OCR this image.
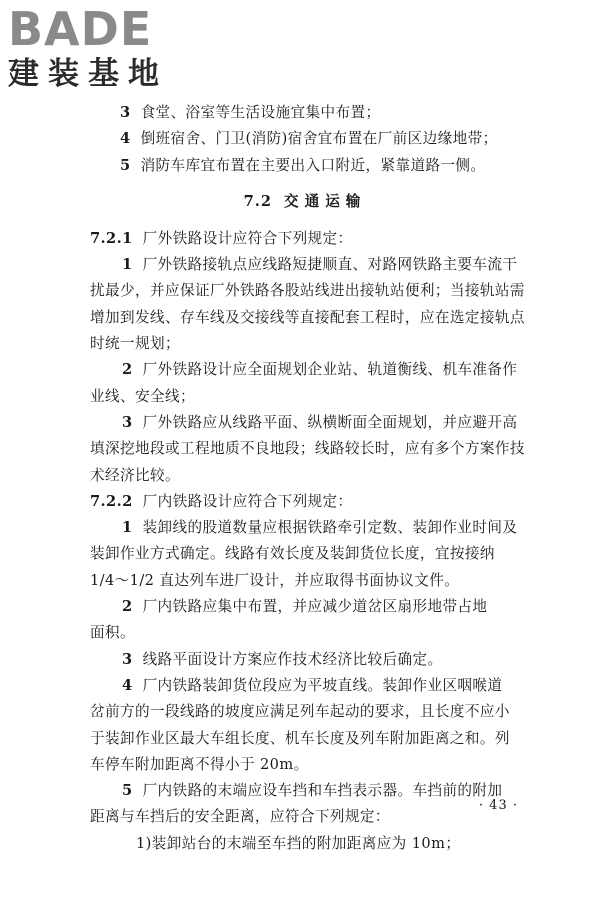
BADE
建装基地
3 食堂、浴室等生活设施宜集中布置；
4 倒班宿舍、门卫(消防)宿舍宜布置在厂前区边缘地带；
5 消防车库宜布置在主要出入口附近，紧靠道路一侧。
7.2 交通运输
7.2.1 厂外铁路设计应符合下列规定：
1 厂外铁路接轨点应线路短捷顺直、对路网铁路主要车流干
扰最少，并应保证厂外铁路各股站线进出接轨站便利；当接轨站需
增加到发线、存车线及交接线等直接配套工程时，应在选定接轨点
时统一规划；
2 厂外铁路设计应全面规划企业站、轨道衡线、机车准备作
业线、安全线；
3 厂外铁路应从线路平面、纵横断面全面规划，并应避开高
填深挖地段或工程地质不良地段；线路较长时，应有多个方案作技
术经济比较。
7.2.2 厂内铁路设计应符合下列规定：
1 装卸线的股道数量应根据铁路牵引定数、装卸作业时间及
装卸作业方式确定。线路有效长度及装卸货位长度，宜按接纳
1/4～1/2 直达列车进厂设计，并应取得书面协议文件。
2 厂内铁路应集中布置，并应减少道岔区扇形地带占地
面积。
3 线路平面设计方案应作技术经济比较后确定。
4 厂内铁路装卸货位段应为平坡直线。装卸作业区咽喉道
岔前方的一段线路的坡度应满足列车起动的要求，且长度不应小
于装卸作业区最大车组长度、机车长度及列车附加距离之和。列
车停车附加距离不得小于 20m。
5 厂内铁路的末端应设车挡和车挡表示器。车挡前的附加
距离与车挡后的安全距离，应符合下列规定：
1)装卸站台的末端至车挡的附加距离应为 10m；
· 43 ·
